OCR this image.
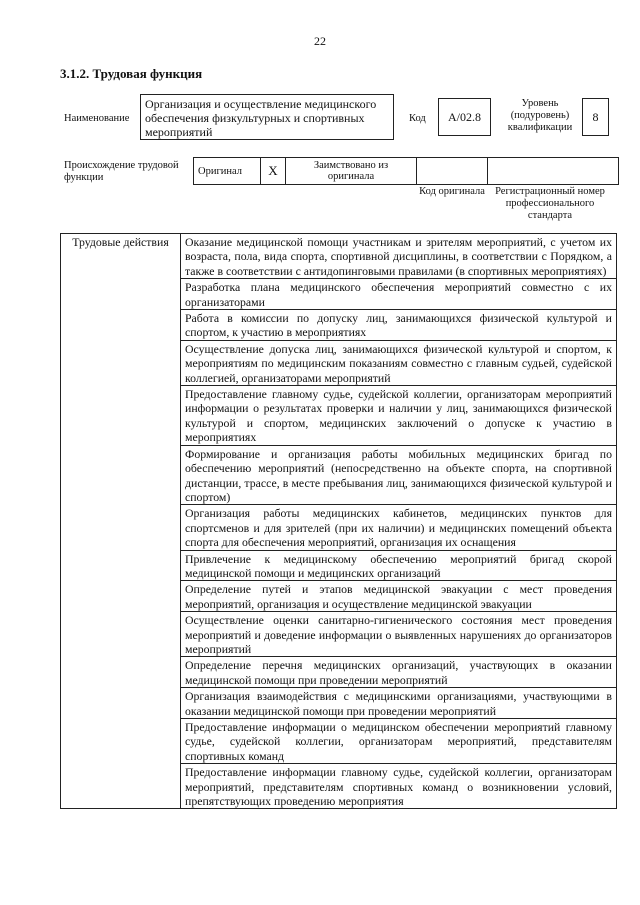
22
3.1.2. Трудовая функция
Наименование
Организация и осуществление медицинского обеспечения физкультурных и спортивных мероприятий
Код A/02.8
Уровень (подуровень) квалификации
8
Происхождение трудовой функции
Оригинал	X	Заимствовано из оригинала		
Код оригинала Регистрационный номер профессионального стандарта
Трудовые действия	Оказание медицинской помощи участникам и зрителям мероприятий, с учетом их возраста, пола, вида спорта, спортивной дисциплины, в соответствии с Порядком, а также в соответствии с антидопинговыми правилами (в спортивных мероприятиях)
Разработка плана медицинского обеспечения мероприятий совместно с их организаторами
Работа в комиссии по допуску лиц, занимающихся физической культурой и спортом, к участию в мероприятиях
Осуществление допуска лиц, занимающихся физической культурой и спортом, к мероприятиям по медицинским показаниям совместно с главным судьей, судейской коллегией, организаторами мероприятий
Предоставление главному судье, судейской коллегии, организаторам мероприятий информации о результатах проверки и наличии у лиц, занимающихся физической культурой и спортом, медицинских заключений о допуске к участию в мероприятиях
Формирование и организация работы мобильных медицинских бригад по обеспечению мероприятий (непосредственно на объекте спорта, на спортивной дистанции, трассе, в месте пребывания лиц, занимающихся физической культурой и спортом)
Организация работы медицинских кабинетов, медицинских пунктов для спортсменов и для зрителей (при их наличии) и медицинских помещений объекта спорта для обеспечения мероприятий, организация их оснащения
Привлечение к медицинскому обеспечению мероприятий бригад скорой медицинской помощи и медицинских организаций
Определение путей и этапов медицинской эвакуации с мест проведения мероприятий, организация и осуществление медицинской эвакуации
Осуществление оценки санитарно-гигиенического состояния мест проведения мероприятий и доведение информации о выявленных нарушениях до организаторов мероприятий
Определение перечня медицинских организаций, участвующих в оказании медицинской помощи при проведении мероприятий
Организация взаимодействия с медицинскими организациями, участвующими в оказании медицинской помощи при проведении мероприятий
Предоставление информации о медицинском обеспечении мероприятий главному судье, судейской коллегии, организаторам мероприятий, представителям спортивных команд
Предоставление информации главному судье, судейской коллегии, организаторам мероприятий, представителям спортивных команд о возникновении условий, препятствующих проведению мероприятия
